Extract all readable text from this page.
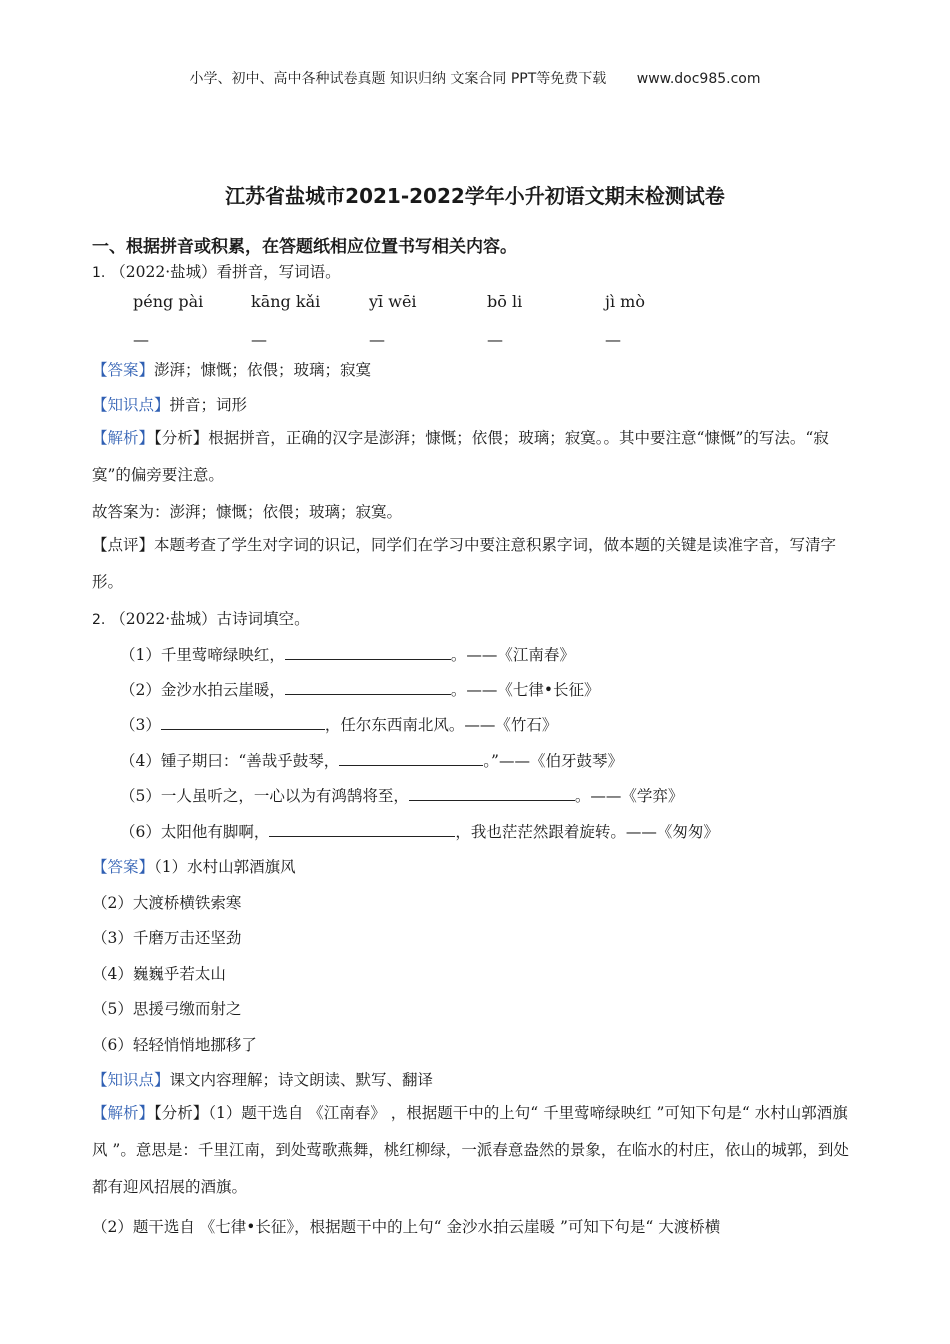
小学、初中、高中各种试卷真题 知识归纳 文案合同 PPT等免费下载 www.doc985.com
江苏省盐城市2021-2022学年小升初语文期末检测试卷
一、根据拼音或积累，在答题纸相应位置书写相关内容。
1. （2022·盐城）看拼音，写词语。
péng pài	kāng kǎi	yī wēi	bō li	jì mò
—	—	—	—	—
【答案】澎湃；慷慨；依偎；玻璃；寂寞
【知识点】拼音；词形
【解析】【分析】根据拼音，正确的汉字是澎湃；慷慨；依偎；玻璃；寂寞。。其中要注意“慷慨”的写法。“寂寞”的偏旁要注意。
故答案为：澎湃；慷慨；依偎；玻璃；寂寞。
【点评】本题考查了学生对字词的识记，同学们在学习中要注意积累字词，做本题的关键是读准字音，写清字形。
2. （2022·盐城）古诗词填空。
（1）千里莺啼绿映红，	。——《江南春》
（2）金沙水拍云崖暖，	。——《七律•长征》
（3）	，任尔东西南北风。——《竹石》
（4）锺子期曰：“善哉乎鼓琴，	。”——《伯牙鼓琴》
（5）一人虽听之，一心以为有鸿鹄将至，	。——《学弈》
（6）太阳他有脚啊，	，我也茫茫然跟着旋转。——《匆匆》
【答案】（1）水村山郭酒旗风
（2）大渡桥横铁索寒
（3）千磨万击还坚劲
（4）巍巍乎若太山
（5）思援弓缴而射之
（6）轻轻悄悄地挪移了
【知识点】课文内容理解；诗文朗读、默写、翻译
【解析】【分析】（1）题干选自 《江南春》 ，根据题干中的上句“ 千里莺啼绿映红 ”可知下句是“ 水村山郭酒旗风 ”。意思是：千里江南，到处莺歌燕舞，桃红柳绿，一派春意盎然的景象，在临水的村庄，依山的城郭，到处都有迎风招展的酒旗。
（2）题干选自 《七律•长征》，根据题干中的上句“ 金沙水拍云崖暖 ”可知下句是“ 大渡桥横
